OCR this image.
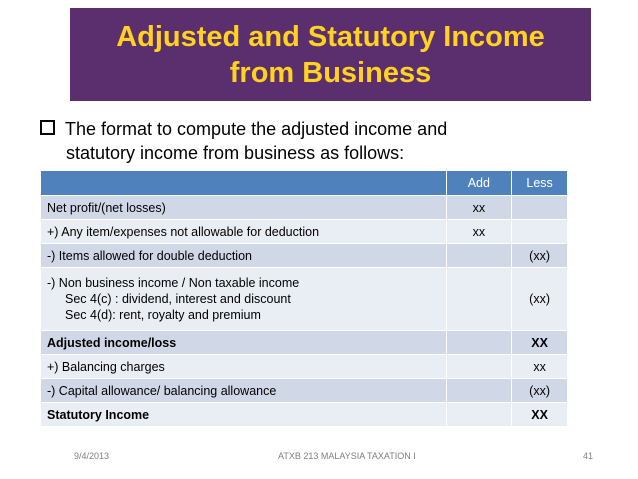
Adjusted and Statutory Income
from Business
The format to compute the adjusted income and
statutory income from business as follows:
	Add	Less
Net profit/(net losses)	xx	
+) Any item/expenses not allowable for deduction	xx	
-) Items allowed for double deduction		(xx)
-) Non business income / Non taxable income
Sec 4(c) : dividend, interest and discount
Sec 4(d): rent, royalty and premium		(xx)
Adjusted income/loss		XX
+) Balancing charges		xx
-) Capital allowance/ balancing allowance		(xx)
Statutory Income		XX
9/4/2013	ATXB 213 MALAYSIA TAXATION I	41
